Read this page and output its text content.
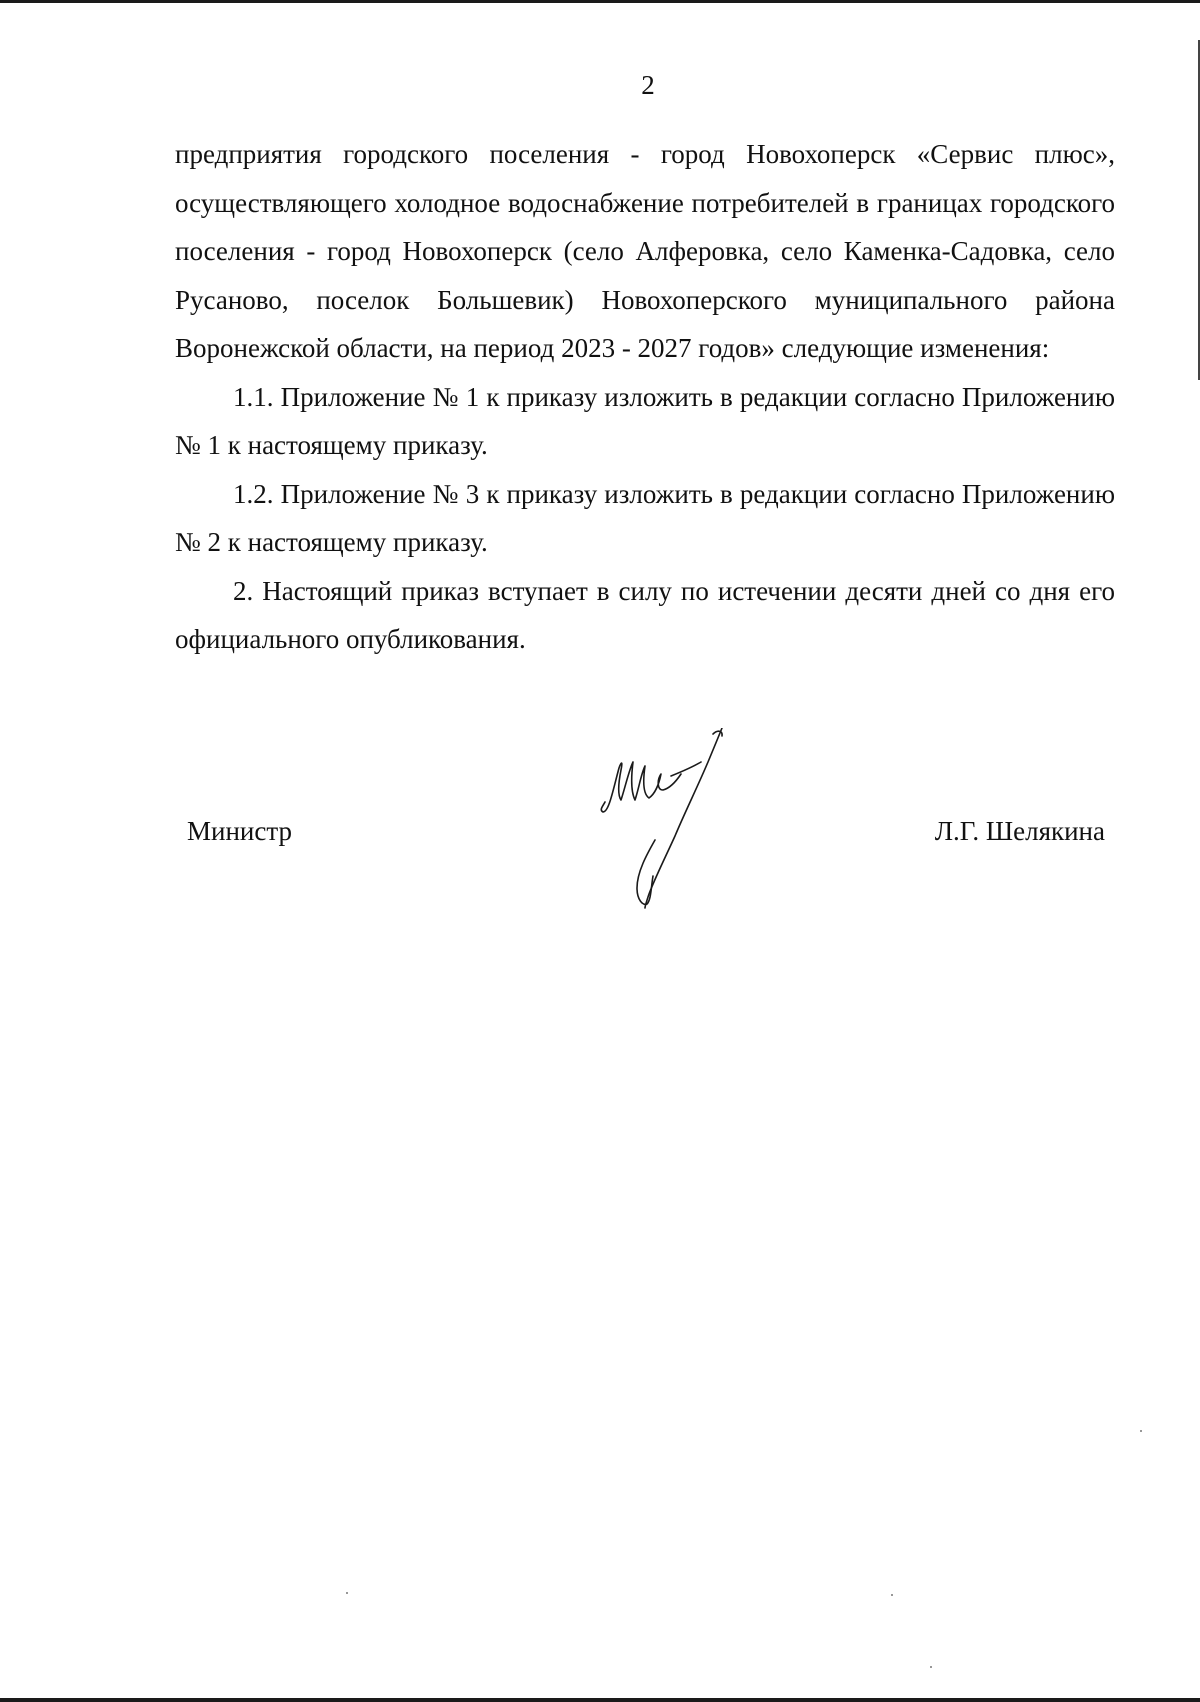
2

предприятия городского поселения - город Новохоперск «Сервис плюс», осуществляющего холодное водоснабжение потребителей в границах городского поселения - город Новохоперск (село Алферовка, село Каменка-Садовка, село Русаново, поселок Большевик) Новохоперского муниципального района Воронежской области, на период 2023 - 2027 годов» следующие изменения:

1.1. Приложение № 1 к приказу изложить в редакции согласно Приложению № 1 к настоящему приказу.

1.2. Приложение № 3 к приказу изложить в редакции согласно Приложению № 2 к настоящему приказу.

2. Настоящий приказ вступает в силу по истечении десяти дней со дня его официального опубликования.

Министр	Л.Г. Шелякина
